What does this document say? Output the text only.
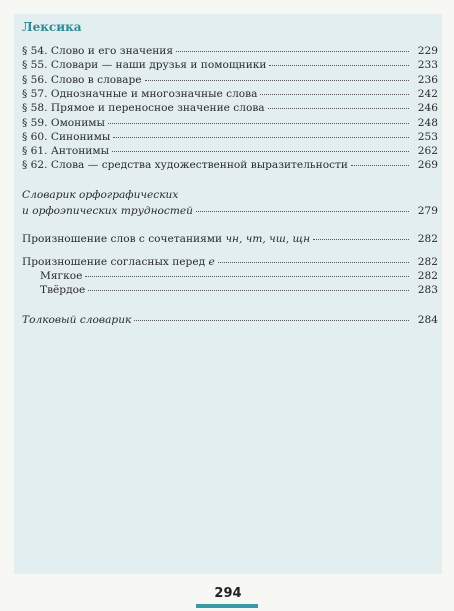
Лексика
§ 54. Слово и его значения	229
§ 55. Словари — наши друзья и помощники	233
§ 56. Слово в словаре	236
§ 57. Однозначные и многозначные слова	242
§ 58. Прямое и переносное значение слова	246
§ 59. Омонимы	248
§ 60. Синонимы	253
§ 61. Антонимы	262
§ 62. Слова — средства художественной выразительности	269
Словарик орфографических
и орфоэпических трудностей	279
Произношение слов с сочетаниями чн, чт, чш, щн	282
Произношение согласных перед е	282
Мягкое	282
Твёрдое	283
Толковый словарик	284
294
